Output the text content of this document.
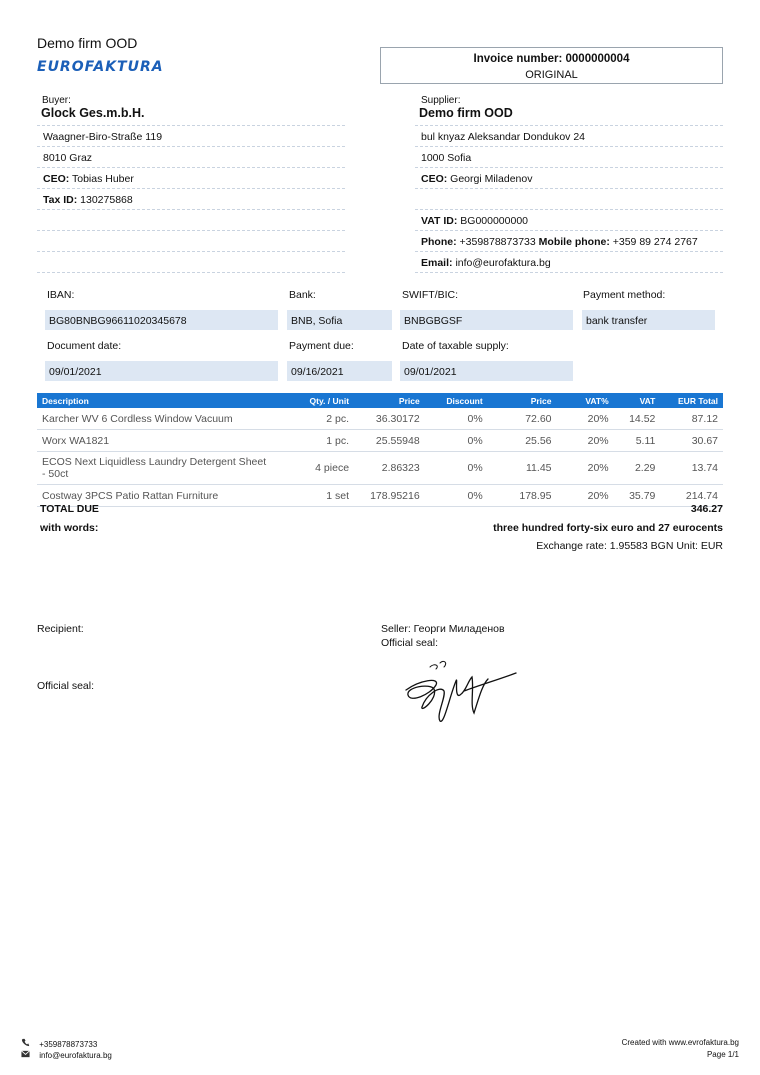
Demo firm OOD
EUROFAKTURA	Invoice number: 0000000004
ORIGINAL
Buyer:
Glock Ges.m.b.H.
Waagner-Biro-Straße 119
8010 Graz
CEO: Tobias Huber
Tax ID: 130275868
Supplier:
Demo firm OOD
bul knyaz Aleksandar Dondukov 24
1000 Sofia
CEO: Georgi Miladenov
VAT ID: BG000000000
Phone: +359878873733 Mobile phone: +359 89 274 2767
Email: info@eurofaktura.bg
IBAN:	Bank:	SWIFT/BIC:	Payment method:
BG80BNBG96611020345678	BNB, Sofia	BNBGBGSF	bank transfer
Document date:	Payment due:	Date of taxable supply:
09/01/2021	09/16/2021	09/01/2021
Description	Qty. / Unit	Price	Discount	Price	VAT%	VAT	EUR Total
Karcher WV 6 Cordless Window Vacuum	2 pc.	36.30172	0%	72.60	20%	14.52	87.12
Worx WA1821	1 pc.	25.55948	0%	25.56	20%	5.11	30.67
ECOS Next Liquidless Laundry Detergent Sheet - 50ct	4 piece	2.86323	0%	11.45	20%	2.29	13.74
Costway 3PCS Patio Rattan Furniture	1 set	178.95216	0%	178.95	20%	35.79	214.74
TOTAL DUE	346.27
with words:	three hundred forty-six euro and 27 eurocents
Exchange rate: 1.95583 BGN Unit: EUR
Recipient:	Seller: Георги Миладенов
Official seal:
Official seal:
+359878873733
info@eurofaktura.bg
Created with www.evrofaktura.bg
Page 1/1
